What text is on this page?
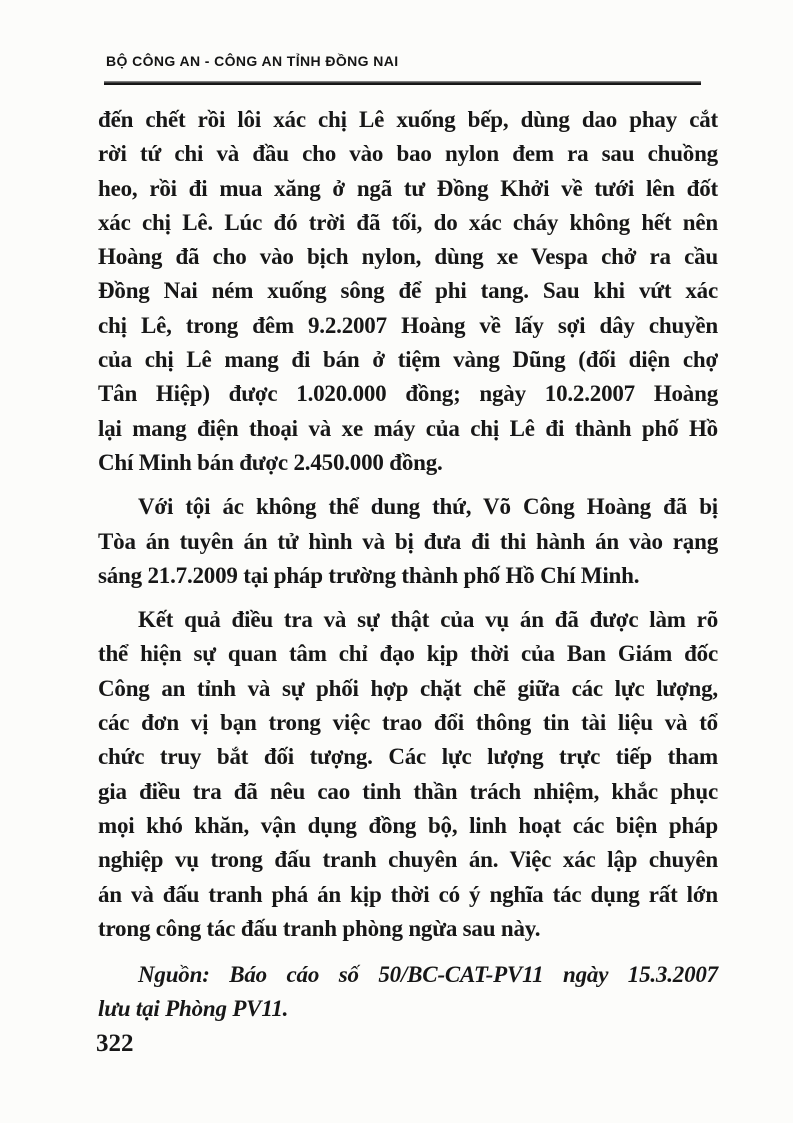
BỘ CÔNG AN - CÔNG AN TỈNH ĐỒNG NAI
đến chết rồi lôi xác chị Lê xuống bếp, dùng dao phay cắt
rời tứ chi và đầu cho vào bao nylon đem ra sau chuồng
heo, rồi đi mua xăng ở ngã tư Đồng Khởi về tưới lên đốt
xác chị Lê. Lúc đó trời đã tối, do xác cháy không hết nên
Hoàng đã cho vào bịch nylon, dùng xe Vespa chở ra cầu
Đồng Nai ném xuống sông để phi tang. Sau khi vứt xác
chị Lê, trong đêm 9.2.2007 Hoàng về lấy sợi dây chuyền
của chị Lê mang đi bán ở tiệm vàng Dũng (đối diện chợ
Tân Hiệp) được 1.020.000 đồng; ngày 10.2.2007 Hoàng
lại mang điện thoại và xe máy của chị Lê đi thành phố Hồ
Chí Minh bán được 2.450.000 đồng.
Với tội ác không thể dung thứ, Võ Công Hoàng đã bị
Tòa án tuyên án tử hình và bị đưa đi thi hành án vào rạng
sáng 21.7.2009 tại pháp trường thành phố Hồ Chí Minh.
Kết quả điều tra và sự thật của vụ án đã được làm rõ
thể hiện sự quan tâm chỉ đạo kịp thời của Ban Giám đốc
Công an tỉnh và sự phối hợp chặt chẽ giữa các lực lượng,
các đơn vị bạn trong việc trao đổi thông tin tài liệu và tổ
chức truy bắt đối tượng. Các lực lượng trực tiếp tham
gia điều tra đã nêu cao tinh thần trách nhiệm, khắc phục
mọi khó khăn, vận dụng đồng bộ, linh hoạt các biện pháp
nghiệp vụ trong đấu tranh chuyên án. Việc xác lập chuyên
án và đấu tranh phá án kịp thời có ý nghĩa tác dụng rất lớn
trong công tác đấu tranh phòng ngừa sau này.
Nguồn: Báo cáo số 50/BC-CAT-PV11 ngày 15.3.2007
lưu tại Phòng PV11.
322
